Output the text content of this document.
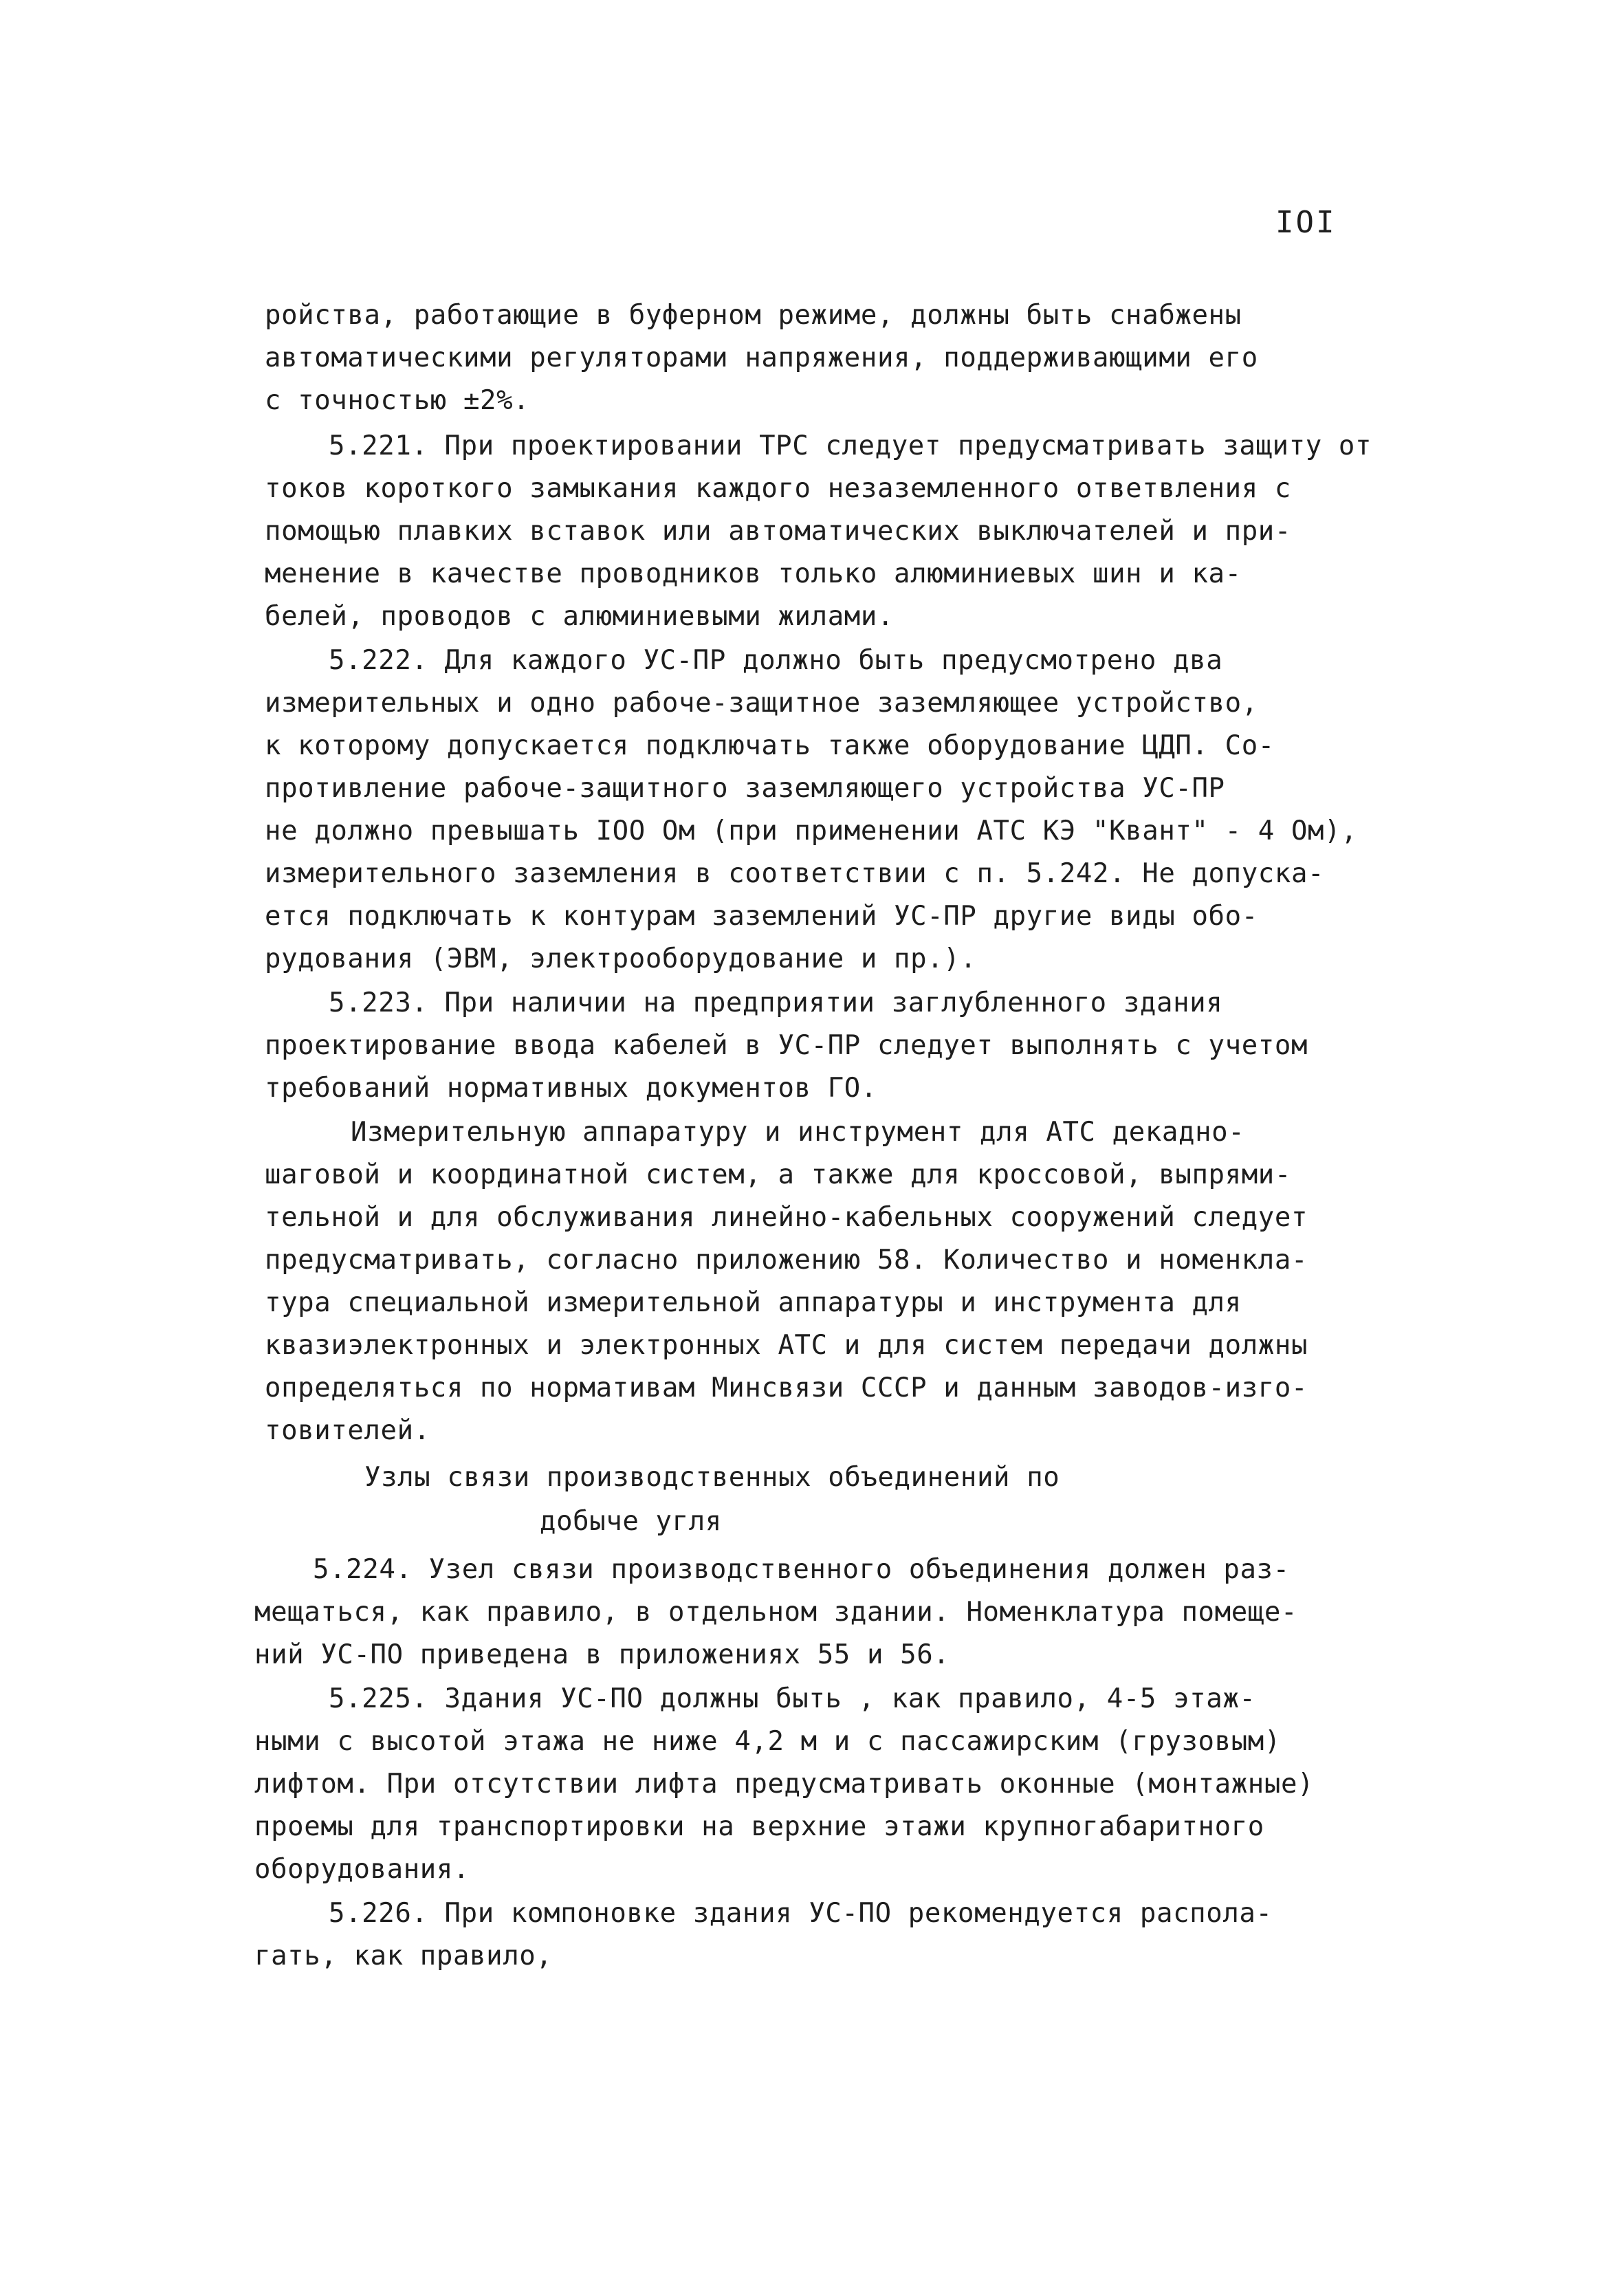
IOI
ройства, работающие в буферном режиме, должны быть снабжены
автоматическими регуляторами напряжения, поддерживающими его
с точностью ±2%.
5.221. При проектировании ТРС следует предусматривать защиту от
токов короткого замыкания каждого незаземленного ответвления с
помощью плавких вставок или автоматических выключателей и при-
менение в качестве проводников только алюминиевых шин и ка-
белей, проводов с алюминиевыми жилами.
5.222. Для каждого УС-ПР должно быть предусмотрено два
измерительных и одно рабоче-защитное заземляющее устройство,
к которому допускается подключать также оборудование ЦДП. Со-
противление рабоче-защитного заземляющего устройства УС-ПР
не должно превышать IOO Ом (при применении АТС КЭ "Квант" - 4 Ом),
измерительного заземления в соответствии с п. 5.242. Не допуска-
ется подключать к контурам заземлений УС-ПР другие виды обо-
рудования (ЭВМ, электрооборудование и пр.).
5.223. При наличии на предприятии заглубленного здания
проектирование ввода кабелей в УС-ПР следует выполнять с учетом
требований нормативных документов ГО.
Измерительную аппаратуру и инструмент для АТС декадно-
шаговой и координатной систем, а также для кроссовой, выпрями-
тельной и для обслуживания линейно-кабельных сооружений следует
предусматривать, согласно приложению 58. Количество и номенкла-
тура специальной измерительной аппаратуры и инструмента для
квазиэлектронных и электронных АТС и для систем передачи должны
определяться по нормативам Минсвязи СССР и данным заводов-изго-
товителей.
Узлы связи производственных объединений по
добыче угля
5.224. Узел связи производственного объединения должен раз-
мещаться, как правило, в отдельном здании. Номенклатура помеще-
ний УС-ПО приведена в приложениях 55 и 56.
5.225. Здания УС-ПО должны быть , как правило, 4-5 этаж-
ными с высотой этажа не ниже 4,2 м и с пассажирским (грузовым)
лифтом. При отсутствии лифта предусматривать оконные (монтажные)
проемы для транспортировки на верхние этажи крупногабаритного
оборудования.
5.226. При компоновке здания УС-ПО рекомендуется распола-
гать, как правило,
